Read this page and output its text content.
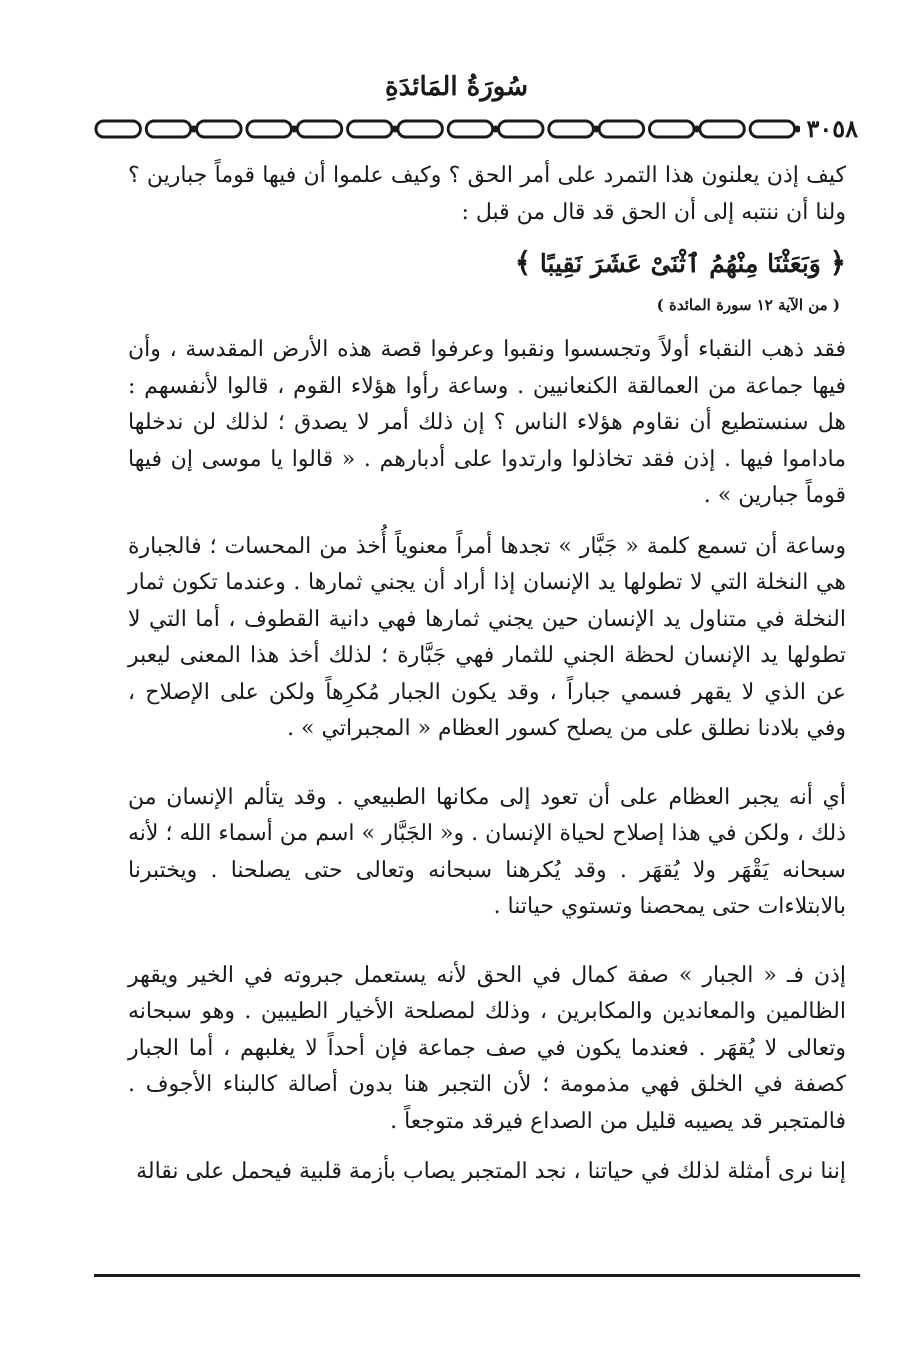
سُورَةُ المَائدَةِ
٣٠٥٨

كيف إذن يعلنون هذا التمرد على أمر الحق ؟ وكيف علموا أن فيها قوماً جبارين ؟ ولنا أن ننتبه إلى أن الحق قد قال من قبل :

﴿ وَبَعَثْنَا مِنْهُمُ ٱثْنَىْ عَشَرَ نَقِيبًا ﴾

( من الآية ١٢ سورة المائدة )

فقد ذهب النقباء أولاً وتجسسوا ونقبوا وعرفوا قصة هذه الأرض المقدسة ، وأن فيها جماعة من العمالقة الكنعانيين . وساعة رأوا هؤلاء القوم ، قالوا لأنفسهم : هل سنستطيع أن نقاوم هؤلاء الناس ؟ إن ذلك أمر لا يصدق ؛ لذلك لن ندخلها ماداموا فيها . إذن فقد تخاذلوا وارتدوا على أدبارهم . « قالوا يا موسى إن فيها قوماً جبارين » .

وساعة أن تسمع كلمة « جَبَّار » تجدها أمراً معنوياً أُخذ من المحسات ؛ فالجبارة هي النخلة التي لا تطولها يد الإنسان إذا أراد أن يجني ثمارها . وعندما تكون ثمار النخلة في متناول يد الإنسان حين يجني ثمارها فهي دانية القطوف ، أما التي لا تطولها يد الإنسان لحظة الجني للثمار فهي جَبَّارة ؛ لذلك أخذ هذا المعنى ليعبر عن الذي لا يقهر فسمي جباراً ، وقد يكون الجبار مُكرِهاً ولكن على الإصلاح ، وفي بلادنا نطلق على من يصلح كسور العظام « المجبراتي » .

أي أنه يجبر العظام على أن تعود إلى مكانها الطبيعي . وقد يتألم الإنسان من ذلك ، ولكن في هذا إصلاح لحياة الإنسان . و« الجَبَّار » اسم من أسماء الله ؛ لأنه سبحانه يَقْهَر ولا يُقهَر . وقد يُكرهنا سبحانه وتعالى حتى يصلحنا . ويختبرنا بالابتلاءات حتى يمحصنا وتستوي حياتنا .

إذن فـ « الجبار » صفة كمال في الحق لأنه يستعمل جبروته في الخير ويقهر الظالمين والمعاندين والمكابرين ، وذلك لمصلحة الأخيار الطيبين . وهو سبحانه وتعالى لا يُقهَر . فعندما يكون في صف جماعة فإن أحداً لا يغلبهم ، أما الجبار كصفة في الخلق فهي مذمومة ؛ لأن التجبر هنا بدون أصالة كالبناء الأجوف . فالمتجبر قد يصيبه قليل من الصداع فيرقد متوجعاً .

إننا نرى أمثلة لذلك في حياتنا ، نجد المتجبر يصاب بأزمة قلبية فيحمل على نقالة
